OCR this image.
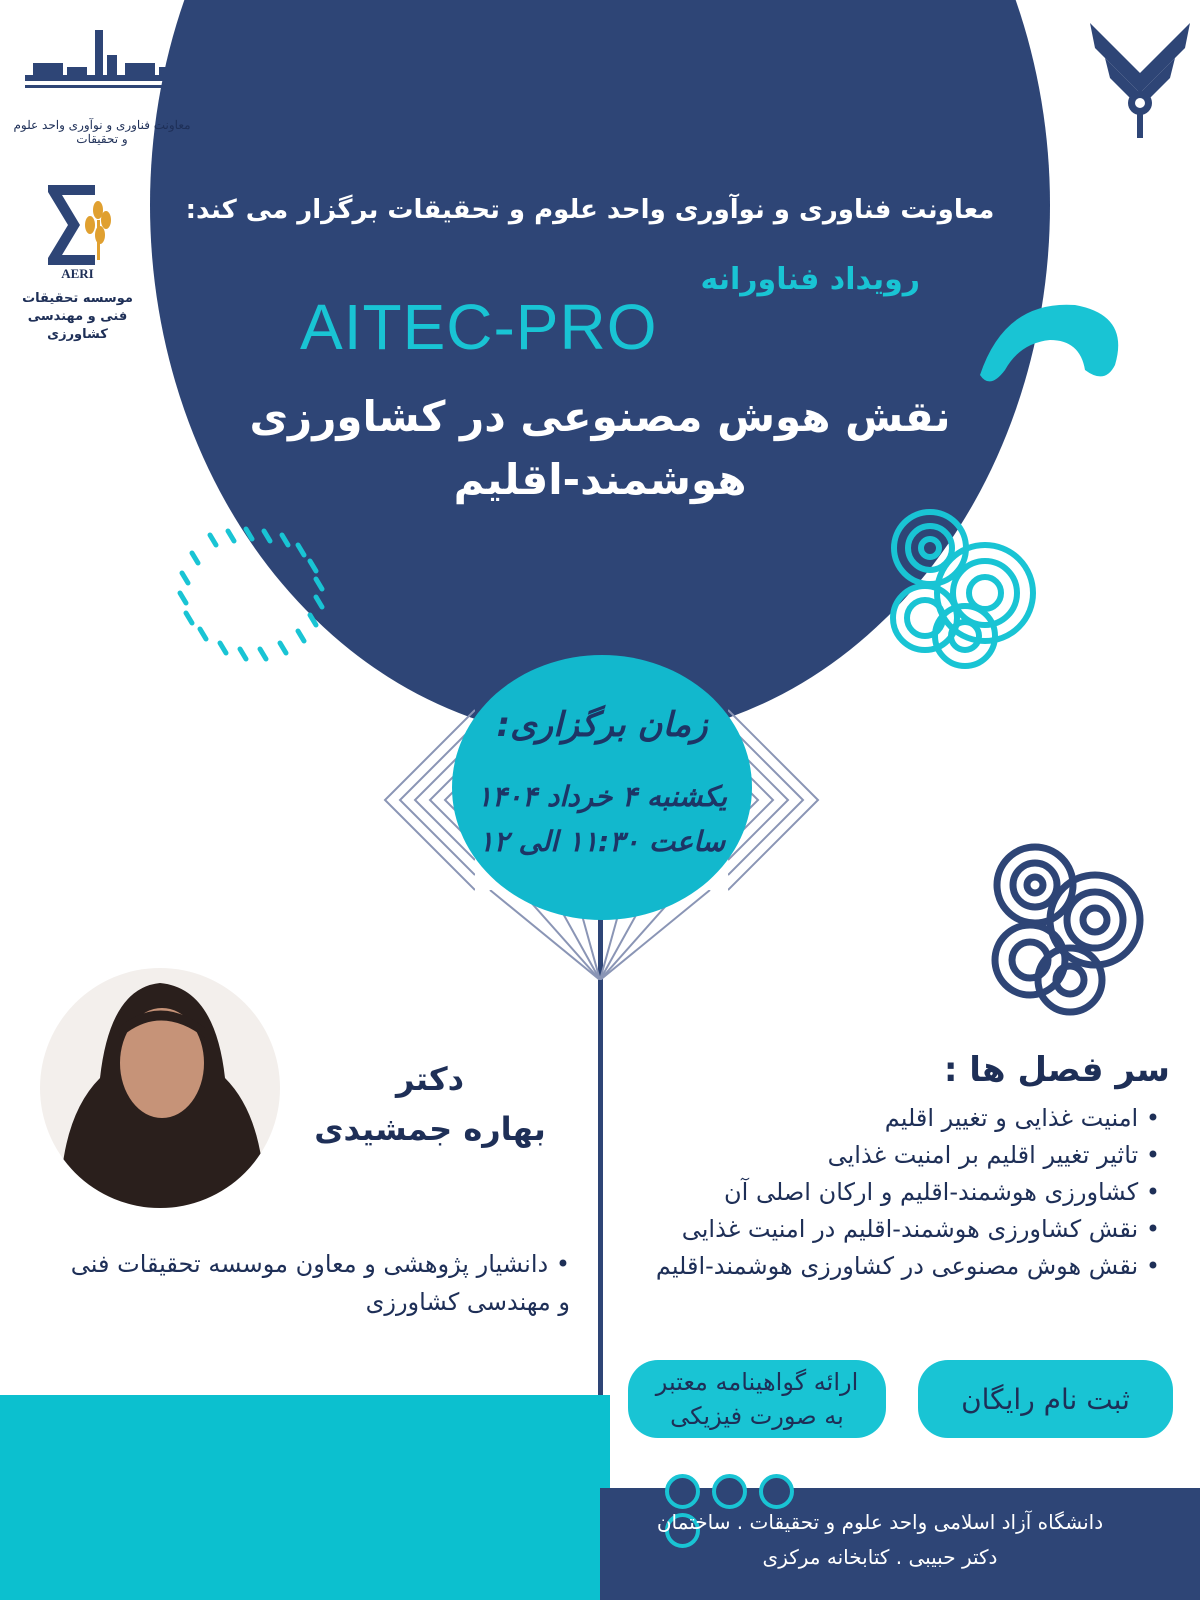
معاونت فناوری و نوآوری واحد علوم و تحقیقات
AERI
موسسه تحقیقات فنی و مهندسی کشاورزی
معاونت فناوری و نوآوری واحد علوم و تحقیقات برگزار می کند:
رویداد فناورانه
AITEC-PRO
نقش هوش مصنوعی در کشاورزی
هوشمند-اقلیم
زمان برگزاری:
یکشنبه ۴ خرداد ۱۴۰۴
ساعت ۱۱:۳۰ الی ۱۲
دکتر
بهاره جمشیدی
• دانشیار پژوهشی و معاون موسسه تحقیقات فنی و مهندسی کشاورزی
سر فصل ها :
• امنیت غذایی و تغییر اقلیم
• تاثیر تغییر اقلیم بر امنیت غذایی
• کشاورزی هوشمند-اقلیم و ارکان اصلی آن
• نقش کشاورزی هوشمند-اقلیم در امنیت غذایی
• نقش هوش مصنوعی در کشاورزی هوشمند-اقلیم
ثبت نام رایگان
ارائه گواهینامه معتبر
به صورت فیزیکی
دانشگاه آزاد اسلامی واحد علوم و تحقیقات . ساختمان
دکتر حبیبی . کتابخانه مرکزی
